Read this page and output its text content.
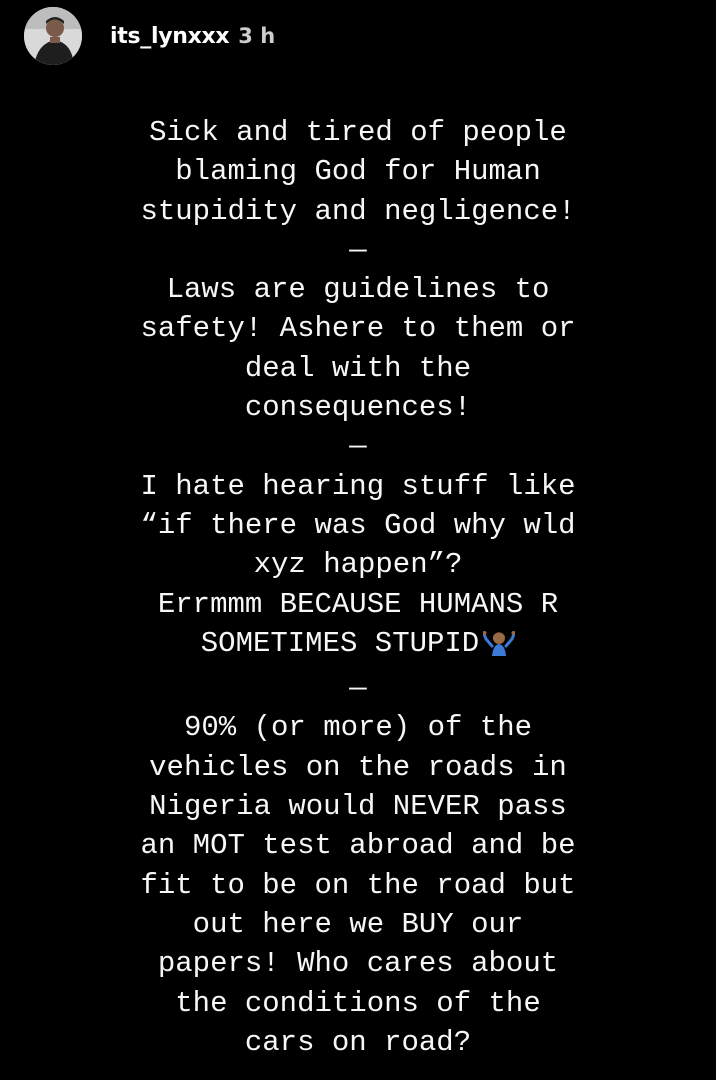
its_lynxxx 3 h
Sick and tired of people
blaming God for Human
stupidity and negligence!
—
Laws are guidelines to
safety! Ashere to them or
deal with the
consequences!
—
I hate hearing stuff like
“if there was God why wld
xyz happen”?
Errmmm BECAUSE HUMANS R
SOMETIMES STUPID
—
90% (or more) of the
vehicles on the roads in
Nigeria would NEVER pass
an MOT test abroad and be
fit to be on the road but
out here we BUY our
papers! Who cares about
the conditions of the
cars on road?
